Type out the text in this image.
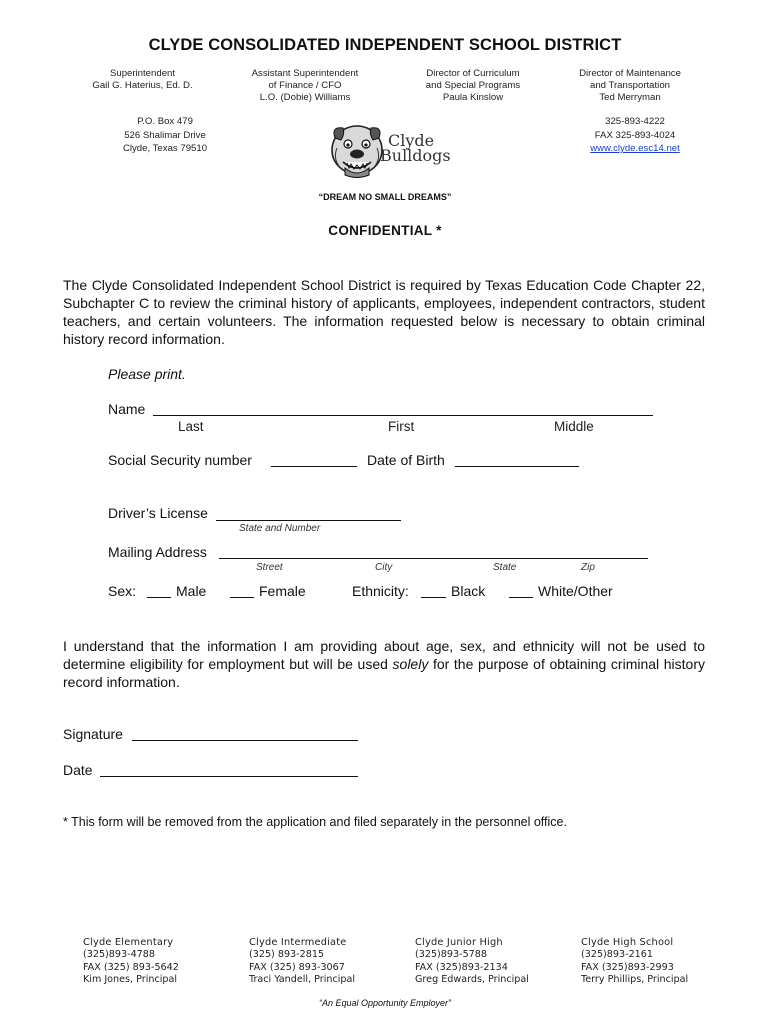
CLYDE CONSOLIDATED INDEPENDENT SCHOOL DISTRICT
Superintendent
Gail G. Haterius, Ed. D.
Assistant Superintendent
of Finance / CFO
L.O. (Dobie) Williams
Director of Curriculum
and Special Programs
Paula Kinslow
Director of Maintenance
and Transportation
Ted Merryman
P.O. Box 479
526 Shalimar Drive
Clyde, Texas 79510
325-893-4222
FAX 325-893-4024
www.clyde.esc14.net
Clyde
Bulldogs
“DREAM NO SMALL DREAMS”
CONFIDENTIAL *
The Clyde Consolidated Independent School District is required by Texas Education Code Chapter 22, Subchapter C to review the criminal history of applicants, employees, independent contractors, student teachers, and certain volunteers. The information requested below is necessary to obtain criminal history record information.
Please print.
Name
Last	First	Middle
Social Security number	Date of Birth
Driver’s License
State and Number
Mailing Address
Street	City	State	Zip
Sex:	Male	Female	Ethnicity:	Black	White/Other
I understand that the information I am providing about age, sex, and ethnicity will not be used to determine eligibility for employment but will be used solely for the purpose of obtaining criminal history record information.
Signature
Date
* This form will be removed from the application and filed separately in the personnel office.
Clyde Elementary
(325)893-4788
FAX (325) 893-5642
Kim Jones, Principal
Clyde Intermediate
(325) 893-2815
FAX (325) 893-3067
Traci Yandell, Principal
Clyde Junior High
(325)893-5788
FAX (325)893-2134
Greg Edwards, Principal
Clyde High School
(325)893-2161
FAX (325)893-2993
Terry Phillips, Principal
“An Equal Opportunity Employer”
